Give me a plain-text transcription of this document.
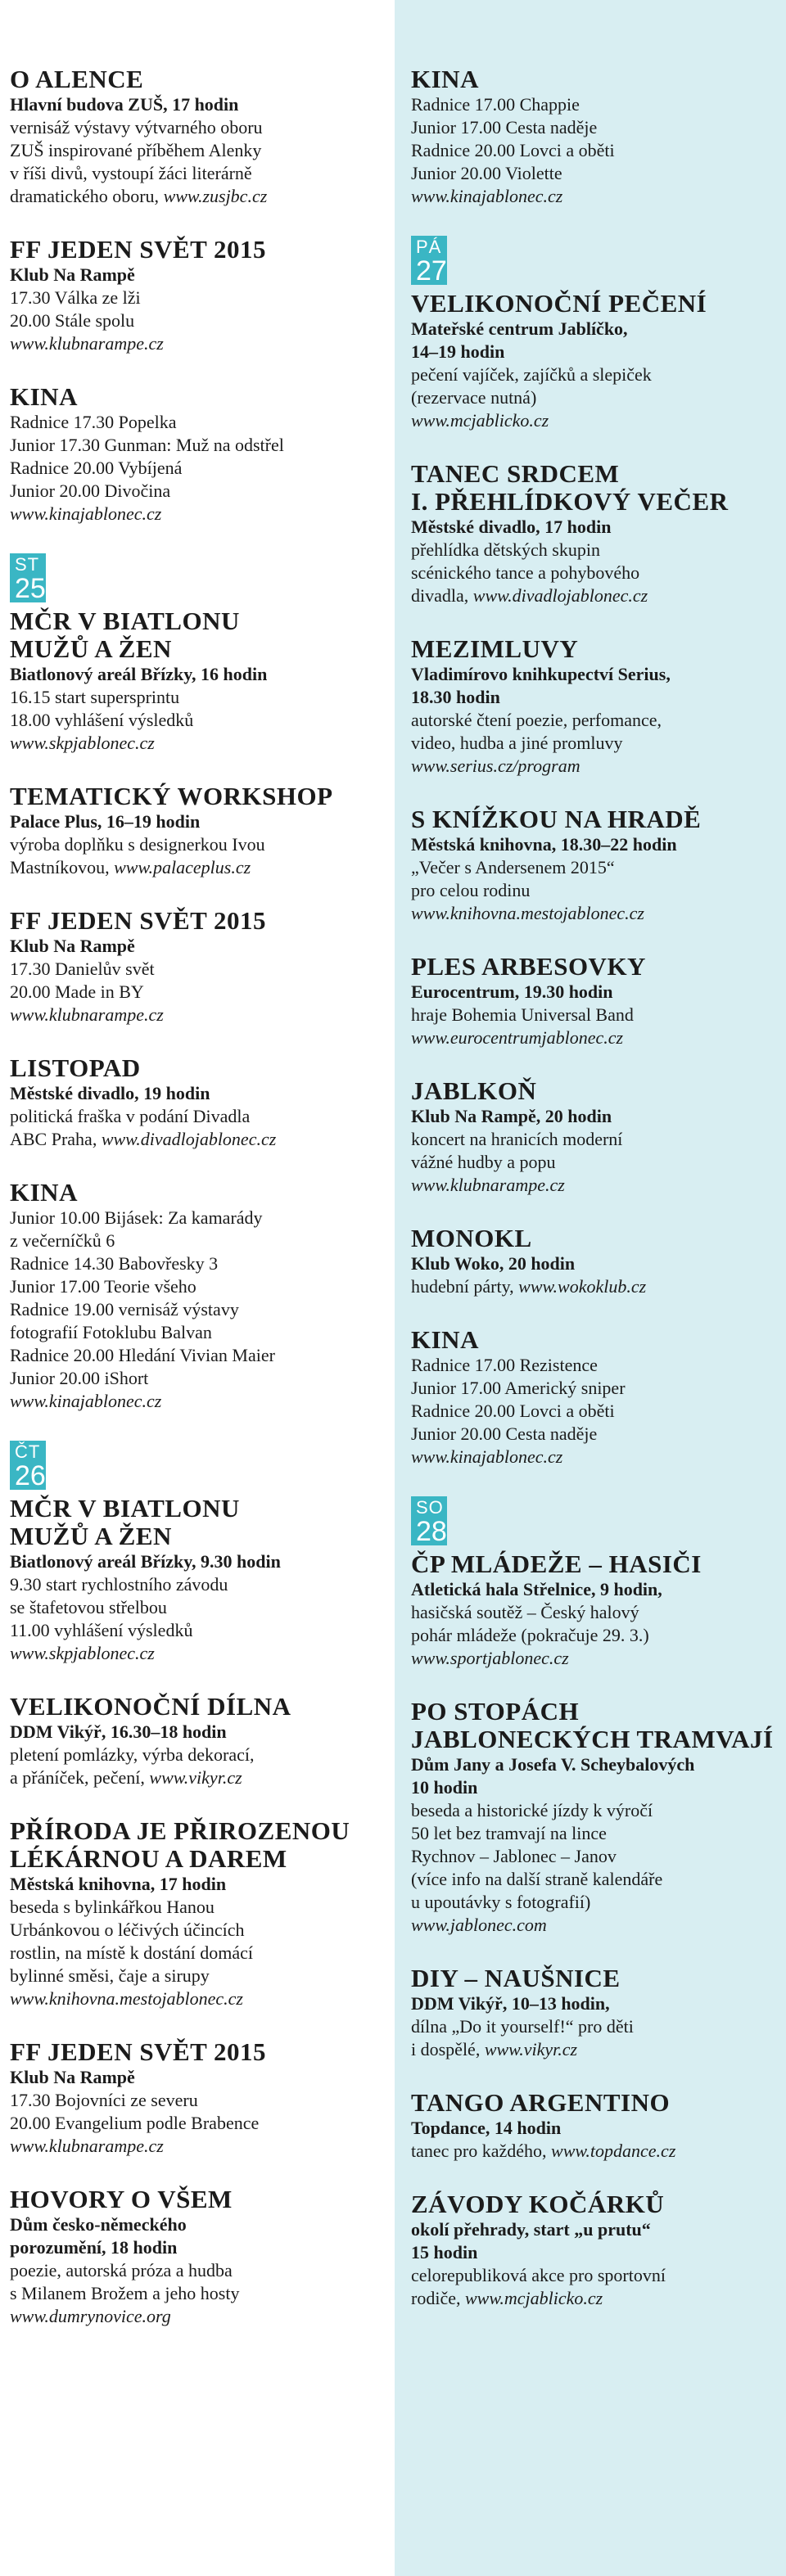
O ALENCE
Hlavní budova ZUŠ, 17 hodin
vernisáž výstavy výtvarného oboru
ZUŠ inspirované příběhem Alenky
v říši divů, vystoupí žáci literárně
dramatického oboru, www.zusjbc.cz
FF JEDEN SVĚT 2015
Klub Na Rampě
17.30 Válka ze lži
20.00 Stále spolu
www.klubnarampe.cz
KINA
Radnice 17.30 Popelka
Junior 17.30 Gunman: Muž na odstřel
Radnice 20.00 Vybíjená
Junior 20.00 Divočina
www.kinajablonec.cz
ST
25
MČR V BIATLONU
MUŽŮ A ŽEN
Biatlonový areál Břízky, 16 hodin
16.15 start supersprintu
18.00 vyhlášení výsledků
www.skpjablonec.cz
TEMATICKÝ WORKSHOP
Palace Plus, 16–19 hodin
výroba doplňku s designerkou Ivou
Mastníkovou, www.palaceplus.cz
FF JEDEN SVĚT 2015
Klub Na Rampě
17.30 Danielův svět
20.00 Made in BY
www.klubnarampe.cz
LISTOPAD
Městské divadlo, 19 hodin
politická fraška v podání Divadla
ABC Praha, www.divadlojablonec.cz
KINA
Junior 10.00 Bijásek: Za kamarády
z večerníčků 6
Radnice 14.30 Babovřesky 3
Junior 17.00 Teorie všeho
Radnice 19.00 vernisáž výstavy
fotografií Fotoklubu Balvan
Radnice 20.00 Hledání Vivian Maier
Junior 20.00 iShort
www.kinajablonec.cz
ČT
26
MČR V BIATLONU
MUŽŮ A ŽEN
Biatlonový areál Břízky, 9.30 hodin
9.30 start rychlostního závodu
se štafetovou střelbou
11.00 vyhlášení výsledků
www.skpjablonec.cz
VELIKONOČNÍ DÍLNA
DDM Vikýř, 16.30–18 hodin
pletení pomlázky, výrba dekorací,
a přáníček, pečení, www.vikyr.cz
PŘÍRODA JE PŘIROZENOU
LÉKÁRNOU A DAREM
Městská knihovna, 17 hodin
beseda s bylinkářkou Hanou
Urbánkovou o léčivých účincích
rostlin, na místě k dostání domácí
bylinné směsi, čaje a sirupy
www.knihovna.mestojablonec.cz
FF JEDEN SVĚT 2015
Klub Na Rampě
17.30 Bojovníci ze severu
20.00 Evangelium podle Brabence
www.klubnarampe.cz
HOVORY O VŠEM
Dům česko-německého
porozumění, 18 hodin
poezie, autorská próza a hudba
s Milanem Brožem a jeho hosty
www.dumrynovice.org
KINA
Radnice 17.00 Chappie
Junior 17.00 Cesta naděje
Radnice 20.00 Lovci a oběti
Junior 20.00 Violette
www.kinajablonec.cz
PÁ
27
VELIKONOČNÍ PEČENÍ
Mateřské centrum Jablíčko,
14–19 hodin
pečení vajíček, zajíčků a slepiček
(rezervace nutná)
www.mcjablicko.cz
TANEC SRDCEM
I. PŘEHLÍDKOVÝ VEČER
Městské divadlo, 17 hodin
přehlídka dětských skupin
scénického tance a pohybového
divadla, www.divadlojablonec.cz
MEZIMLUVY
Vladimírovo knihkupectví Serius,
18.30 hodin
autorské čtení poezie, perfomance,
video, hudba a jiné promluvy
www.serius.cz/program
S KNÍŽKOU NA HRADĚ
Městská knihovna, 18.30–22 hodin
„Večer s Andersenem 2015“
pro celou rodinu
www.knihovna.mestojablonec.cz
PLES ARBESOVKY
Eurocentrum, 19.30 hodin
hraje Bohemia Universal Band
www.eurocentrumjablonec.cz
JABLKOŇ
Klub Na Rampě, 20 hodin
koncert na hranicích moderní
vážné hudby a popu
www.klubnarampe.cz
MONOKL
Klub Woko, 20 hodin
hudební párty, www.wokoklub.cz
KINA
Radnice 17.00 Rezistence
Junior 17.00 Americký sniper
Radnice 20.00 Lovci a oběti
Junior 20.00 Cesta naděje
www.kinajablonec.cz
SO
28
ČP MLÁDEŽE – HASIČI
Atletická hala Střelnice, 9 hodin,
hasičská soutěž – Český halový
pohár mládeže (pokračuje 29. 3.)
www.sportjablonec.cz
PO STOPÁCH
JABLONECKÝCH TRAMVAJÍ
Dům Jany a Josefa V. Scheybalových
10 hodin
beseda a historické jízdy k výročí
50 let bez tramvají na lince
Rychnov – Jablonec – Janov
(více info na další straně kalendáře
u upoutávky s fotografií)
www.jablonec.com
DIY – NAUŠNICE
DDM Vikýř, 10–13 hodin,
dílna „Do it yourself!“ pro děti
i dospělé, www.vikyr.cz
TANGO ARGENTINO
Topdance, 14 hodin
tanec pro každého, www.topdance.cz
ZÁVODY KOČÁRKŮ
okolí přehrady, start „u prutu“
15 hodin
celorepubliková akce pro sportovní
rodiče, www.mcjablicko.cz
